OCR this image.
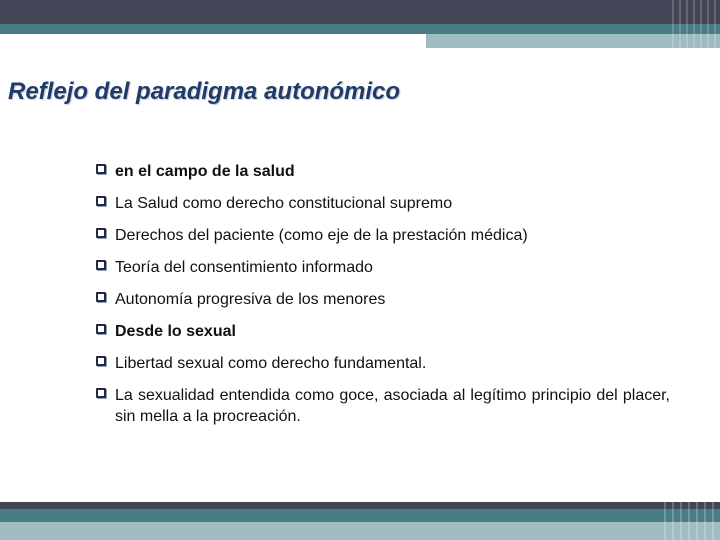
Reflejo del paradigma autonómico
en el campo de la salud
La Salud como derecho constitucional supremo
Derechos del paciente (como eje de la prestación médica)
Teoría del consentimiento informado
Autonomía progresiva de los menores
Desde lo sexual
Libertad sexual como derecho fundamental.
La sexualidad entendida como goce, asociada al legítimo principio del placer, sin mella a la procreación.
